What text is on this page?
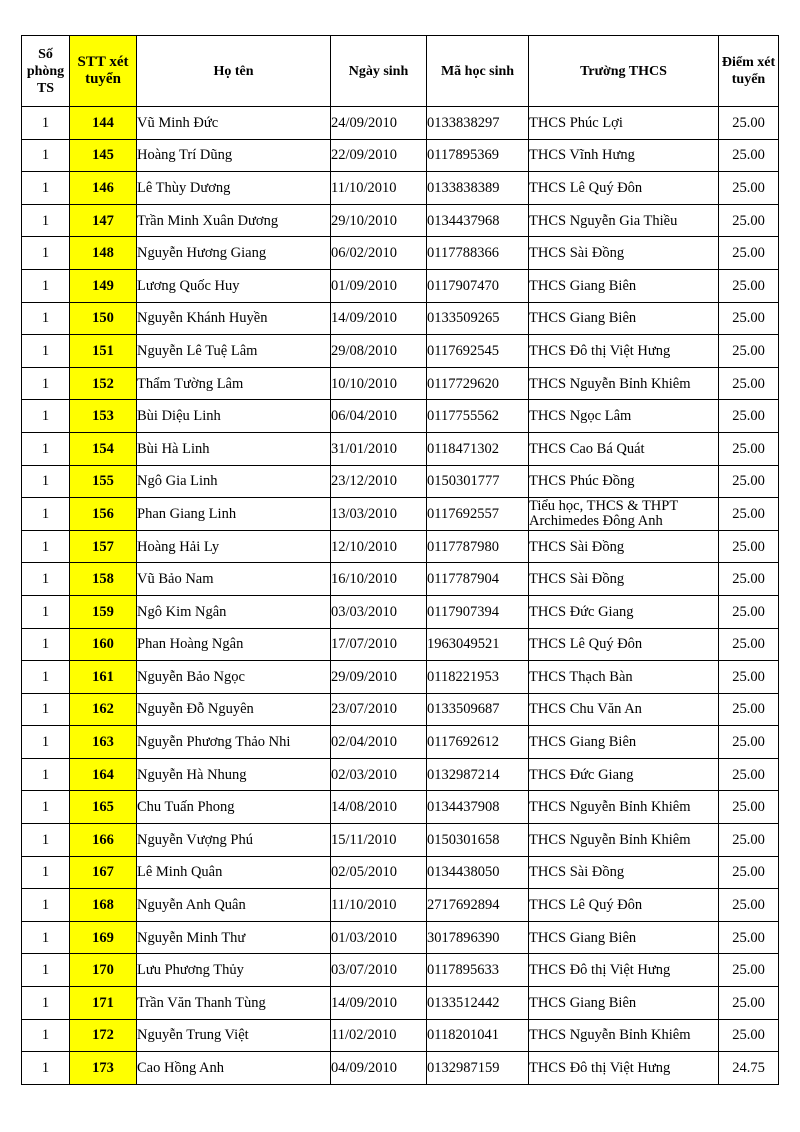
Số phòng TS	STT xét tuyển	Họ tên	Ngày sinh	Mã học sinh	Trường THCS	Điểm xét tuyển
1	144	Vũ Minh Đức	24/09/2010	0133838297	THCS Phúc Lợi	25.00
1	145	Hoàng Trí Dũng	22/09/2010	0117895369	THCS Vĩnh Hưng	25.00
1	146	Lê Thùy Dương	11/10/2010	0133838389	THCS Lê Quý Đôn	25.00
1	147	Trần Minh Xuân Dương	29/10/2010	0134437968	THCS Nguyễn Gia Thiều	25.00
1	148	Nguyễn Hương Giang	06/02/2010	0117788366	THCS Sài Đồng	25.00
1	149	Lương Quốc Huy	01/09/2010	0117907470	THCS Giang Biên	25.00
1	150	Nguyễn Khánh Huyền	14/09/2010	0133509265	THCS Giang Biên	25.00
1	151	Nguyễn Lê Tuệ Lâm	29/08/2010	0117692545	THCS Đô thị Việt Hưng	25.00
1	152	Thẩm Tường Lâm	10/10/2010	0117729620	THCS Nguyễn Bỉnh Khiêm	25.00
1	153	Bùi Diệu Linh	06/04/2010	0117755562	THCS Ngọc Lâm	25.00
1	154	Bùi Hà Linh	31/01/2010	0118471302	THCS Cao Bá Quát	25.00
1	155	Ngô Gia Linh	23/12/2010	0150301777	THCS Phúc Đồng	25.00
1	156	Phan Giang Linh	13/03/2010	0117692557	Tiểu học, THCS & THPT Archimedes Đông Anh	25.00
1	157	Hoàng Hải Ly	12/10/2010	0117787980	THCS Sài Đồng	25.00
1	158	Vũ Bảo Nam	16/10/2010	0117787904	THCS Sài Đồng	25.00
1	159	Ngô Kim Ngân	03/03/2010	0117907394	THCS Đức Giang	25.00
1	160	Phan Hoàng Ngân	17/07/2010	1963049521	THCS Lê Quý Đôn	25.00
1	161	Nguyễn Bảo Ngọc	29/09/2010	0118221953	THCS Thạch Bàn	25.00
1	162	Nguyễn Đỗ Nguyên	23/07/2010	0133509687	THCS Chu Văn An	25.00
1	163	Nguyễn Phương Thảo Nhi	02/04/2010	0117692612	THCS Giang Biên	25.00
1	164	Nguyễn Hà Nhung	02/03/2010	0132987214	THCS Đức Giang	25.00
1	165	Chu Tuấn Phong	14/08/2010	0134437908	THCS Nguyễn Bỉnh Khiêm	25.00
1	166	Nguyễn Vượng Phú	15/11/2010	0150301658	THCS Nguyễn Bỉnh Khiêm	25.00
1	167	Lê Minh Quân	02/05/2010	0134438050	THCS Sài Đồng	25.00
1	168	Nguyễn Anh Quân	11/10/2010	2717692894	THCS Lê Quý Đôn	25.00
1	169	Nguyễn Minh Thư	01/03/2010	3017896390	THCS Giang Biên	25.00
1	170	Lưu Phương Thủy	03/07/2010	0117895633	THCS Đô thị Việt Hưng	25.00
1	171	Trần Văn Thanh Tùng	14/09/2010	0133512442	THCS Giang Biên	25.00
1	172	Nguyễn Trung Việt	11/02/2010	0118201041	THCS Nguyễn Bỉnh Khiêm	25.00
1	173	Cao Hồng Anh	04/09/2010	0132987159	THCS Đô thị Việt Hưng	24.75
